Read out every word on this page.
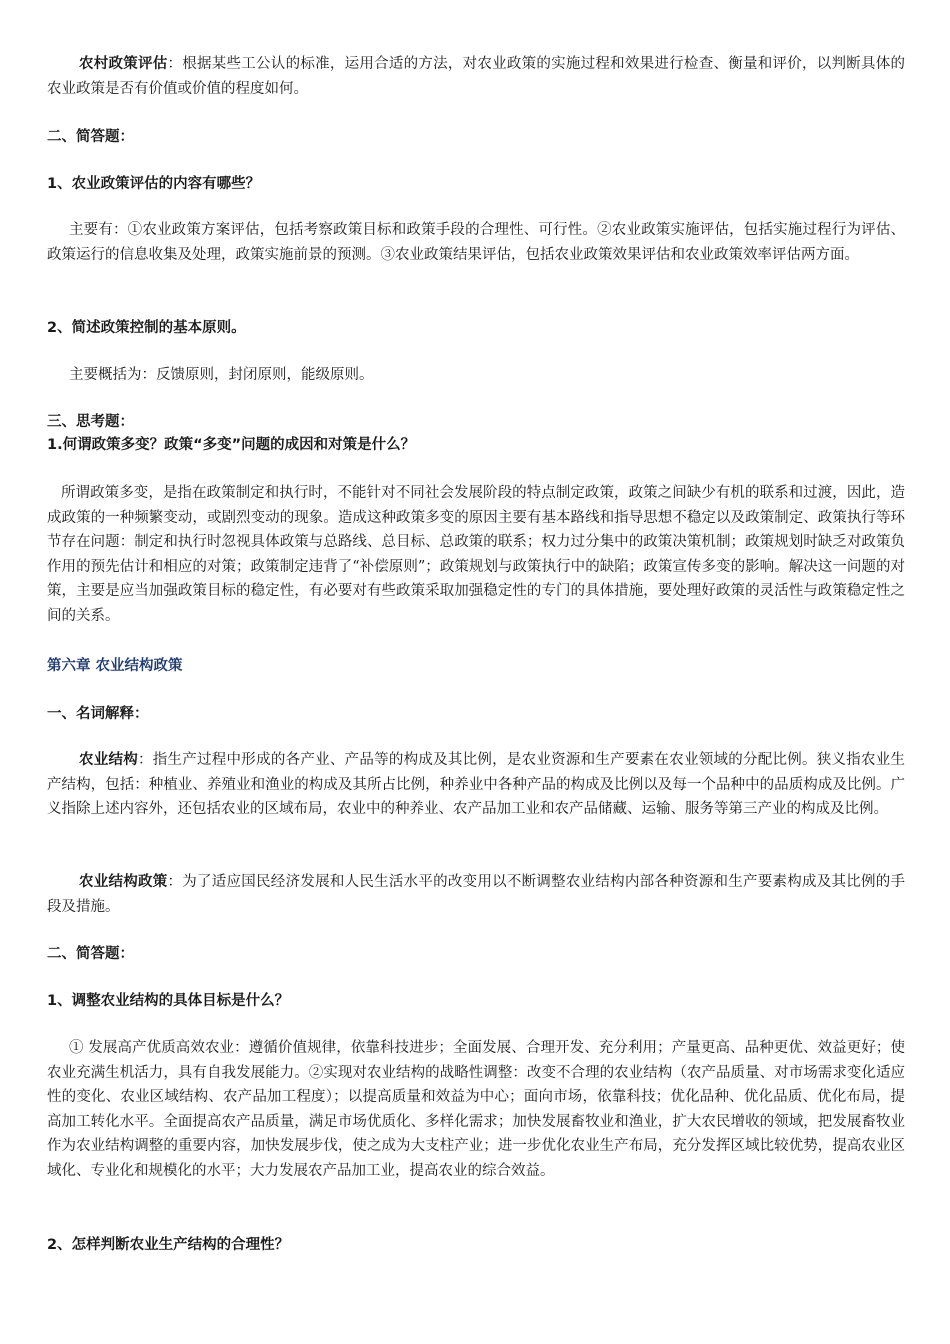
农村政策评估：根据某些工公认的标准，运用合适的方法，对农业政策的实施过程和效果进行检查、衡量和评价，以判断具体的农业政策是否有价值或价值的程度如何。

二、简答题：

1、农业政策评估的内容有哪些？

主要有：①农业政策方案评估，包括考察政策目标和政策手段的合理性、可行性。②农业政策实施评估，包括实施过程行为评估、政策运行的信息收集及处理，政策实施前景的预测。③农业政策结果评估，包括农业政策效果评估和农业政策效率评估两方面。

2、简述政策控制的基本原则。

主要概括为：反馈原则，封闭原则，能级原则。

三、思考题：

1.何谓政策多变？政策“多变”问题的成因和对策是什么？

所谓政策多变，是指在政策制定和执行时，不能针对不同社会发展阶段的特点制定政策，政策之间缺少有机的联系和过渡，因此，造成政策的一种频繁变动，或剧烈变动的现象。造成这种政策多变的原因主要有基本路线和指导思想不稳定以及政策制定、政策执行等环节存在问题：制定和执行时忽视具体政策与总路线、总目标、总政策的联系；权力过分集中的政策决策机制；政策规划时缺乏对政策负作用的预先估计和相应的对策；政策制定违背了“补偿原则”；政策规划与政策执行中的缺陷；政策宣传多变的影响。解决这一问题的对策，主要是应当加强政策目标的稳定性，有必要对有些政策采取加强稳定性的专门的具体措施，要处理好政策的灵活性与政策稳定性之间的关系。

第六章 农业结构政策

一、名词解释：

农业结构：指生产过程中形成的各产业、产品等的构成及其比例，是农业资源和生产要素在农业领域的分配比例。狭义指农业生产结构，包括：种植业、养殖业和渔业的构成及其所占比例，种养业中各种产品的构成及比例以及每一个品种中的品质构成及比例。广义指除上述内容外，还包括农业的区域布局，农业中的种养业、农产品加工业和农产品储藏、运输、服务等第三产业的构成及比例。

农业结构政策：为了适应国民经济发展和人民生活水平的改变用以不断调整农业结构内部各种资源和生产要素构成及其比例的手段及措施。

二、简答题：

1、调整农业结构的具体目标是什么？

① 发展高产优质高效农业：遵循价值规律，依靠科技进步；全面发展、合理开发、充分利用；产量更高、品种更优、效益更好；使农业充满生机活力，具有自我发展能力。②实现对农业结构的战略性调整：改变不合理的农业结构（农产品质量、对市场需求变化适应性的变化、农业区域结构、农产品加工程度）；以提高质量和效益为中心；面向市场，依靠科技；优化品种、优化品质、优化布局，提高加工转化水平。全面提高农产品质量，满足市场优质化、多样化需求；加快发展畜牧业和渔业，扩大农民增收的领域，把发展畜牧业作为农业结构调整的重要内容，加快发展步伐，使之成为大支柱产业；进一步优化农业生产布局，充分发挥区域比较优势，提高农业区域化、专业化和规模化的水平；大力发展农产品加工业，提高农业的综合效益。

2、怎样判断农业生产结构的合理性？
